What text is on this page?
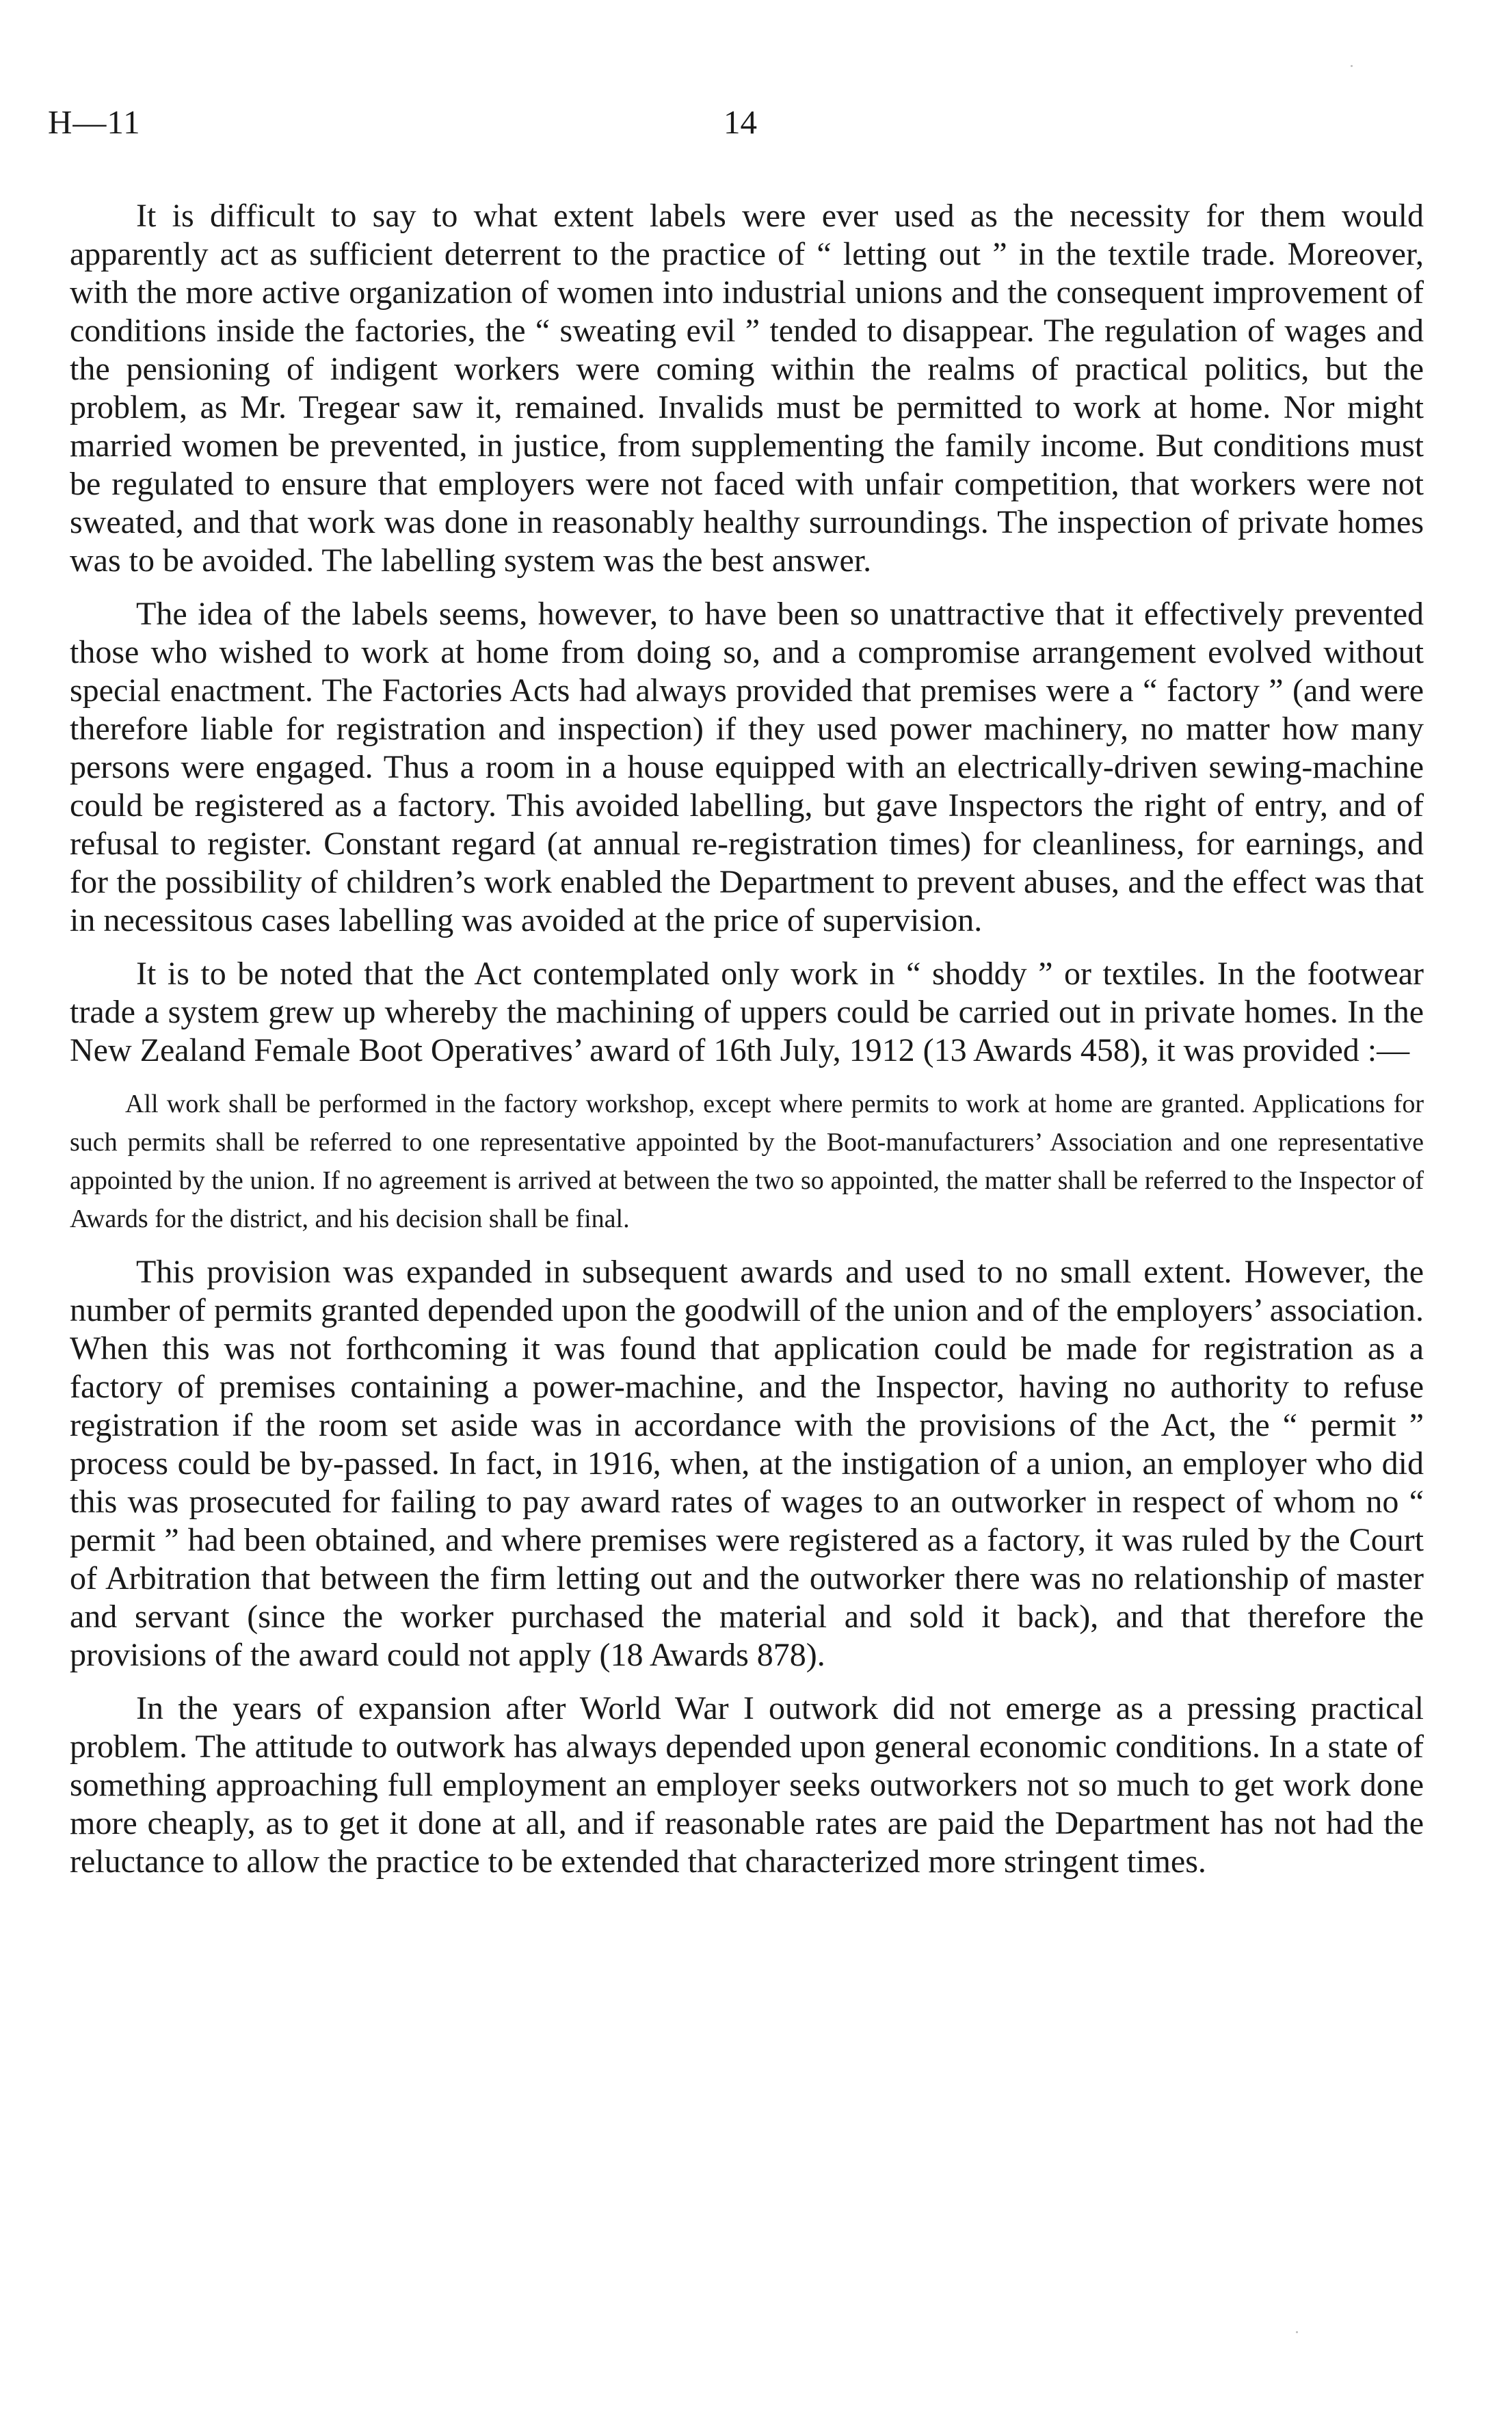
H—11	14

It is difficult to say to what extent labels were ever used as the necessity for them would apparently act as sufficient deterrent to the practice of “ letting out ” in the textile trade. Moreover, with the more active organization of women into industrial unions and the consequent improvement of conditions inside the factories, the “ sweating evil ” tended to disappear. The regulation of wages and the pensioning of indigent workers were coming within the realms of practical politics, but the problem, as Mr. Tregear saw it, remained. Invalids must be permitted to work at home. Nor might married women be prevented, in justice, from supplementing the family income. But conditions must be regulated to ensure that employers were not faced with unfair competition, that workers were not sweated, and that work was done in reasonably healthy surroundings. The inspection of private homes was to be avoided. The labelling system was the best answer.

The idea of the labels seems, however, to have been so unattractive that it effectively prevented those who wished to work at home from doing so, and a compromise arrangement evolved without special enactment. The Factories Acts had always provided that premises were a “ factory ” (and were therefore liable for registration and inspection) if they used power machinery, no matter how many persons were engaged. Thus a room in a house equipped with an electrically-driven sewing-machine could be registered as a factory. This avoided labelling, but gave Inspectors the right of entry, and of refusal to register. Constant regard (at annual re-registration times) for cleanliness, for earnings, and for the possibility of children’s work enabled the Department to prevent abuses, and the effect was that in necessitous cases labelling was avoided at the price of supervision.

It is to be noted that the Act contemplated only work in “ shoddy ” or textiles. In the footwear trade a system grew up whereby the machining of uppers could be carried out in private homes. In the New Zealand Female Boot Operatives’ award of 16th July, 1912 (13 Awards 458), it was provided :—

All work shall be performed in the factory workshop, except where permits to work at home are granted. Applications for such permits shall be referred to one representative appointed by the Boot-manufacturers’ Association and one representative appointed by the union. If no agreement is arrived at between the two so appointed, the matter shall be referred to the Inspector of Awards for the district, and his decision shall be final.

This provision was expanded in subsequent awards and used to no small extent. However, the number of permits granted depended upon the goodwill of the union and of the employers’ association. When this was not forthcoming it was found that application could be made for registration as a factory of premises containing a power-machine, and the Inspector, having no authority to refuse registration if the room set aside was in accordance with the provisions of the Act, the “ permit ” process could be by-passed. In fact, in 1916, when, at the instigation of a union, an employer who did this was prosecuted for failing to pay award rates of wages to an outworker in respect of whom no “ permit ” had been obtained, and where premises were registered as a factory, it was ruled by the Court of Arbitration that between the firm letting out and the outworker there was no relationship of master and servant (since the worker purchased the material and sold it back), and that therefore the provisions of the award could not apply (18 Awards 878).

In the years of expansion after World War I outwork did not emerge as a pressing practical problem. The attitude to outwork has always depended upon general economic conditions. In a state of something approaching full employment an employer seeks outworkers not so much to get work done more cheaply, as to get it done at all, and if reasonable rates are paid the Department has not had the reluctance to allow the practice to be extended that characterized more stringent times.
